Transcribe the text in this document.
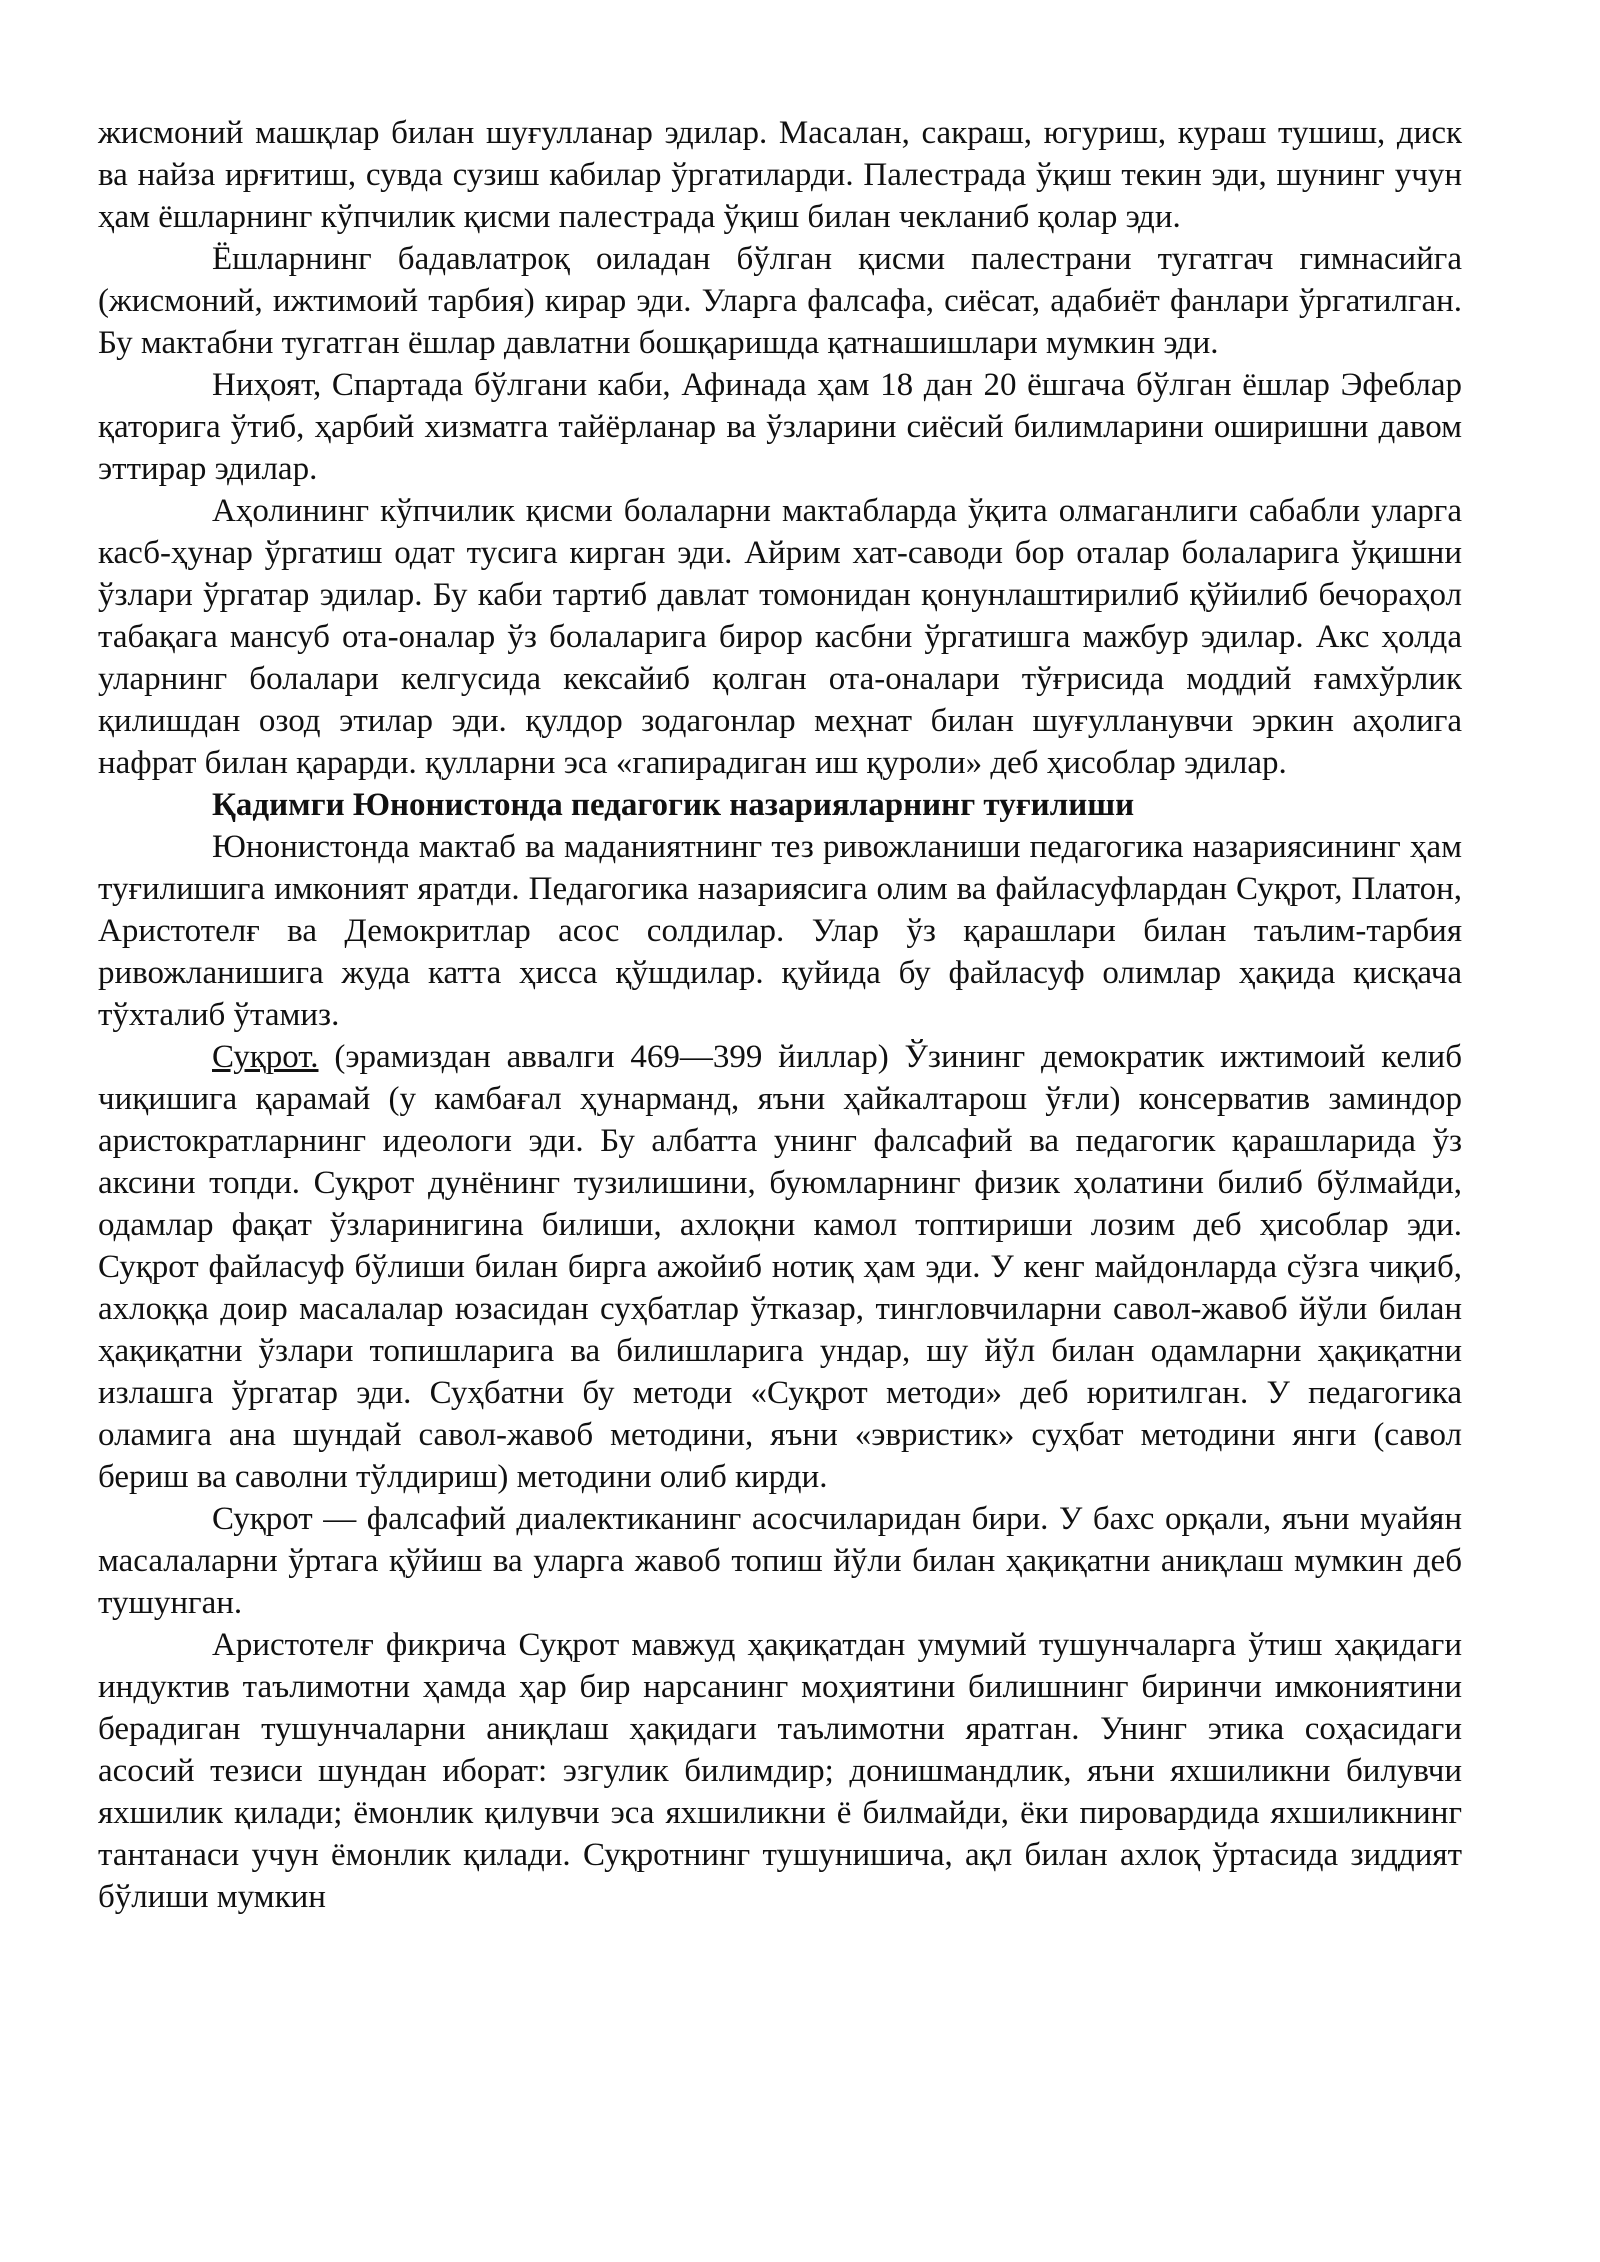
жисмоний машқлар билан шуғулланар эдилар. Масалан, сакраш, югуриш, кураш тушиш, диск ва найза ирғитиш, сувда сузиш кабилар ўргатиларди. Палестрада ўқиш текин эди, шунинг учун ҳам ёшларнинг кўпчилик қисми палестрада ўқиш билан чекланиб қолар эди.

Ёшларнинг бадавлатроқ оиладан бўлган қисми палестрани тугатгач гимнасийга (жисмоний, ижтимоий тарбия) кирар эди. Уларга фалсафа, сиёсат, адабиёт фанлари ўргатилган. Бу мактабни тугатган ёшлар давлатни бошқаришда қатнашишлари мумкин эди.

Ниҳоят, Спартада бўлгани каби, Афинада ҳам 18 дан 20 ёшгача бўлган ёшлар Эфеблар қаторига ўтиб, ҳарбий хизматга тайёрланар ва ўзларини сиёсий билимларини оширишни давом эттирар эдилар.

Аҳолининг кўпчилик қисми болаларни мактабларда ўқита олмаганлиги сабабли уларга касб-ҳунар ўргатиш одат тусига кирган эди. Айрим хат-саводи бор оталар болаларига ўқишни ўзлари ўргатар эдилар. Бу каби тартиб давлат томонидан қонунлаштирилиб қўйилиб бечораҳол табақага мансуб ота-оналар ўз болаларига бирор касбни ўргатишга мажбур эдилар. Акс ҳолда уларнинг болалари келгусида кексайиб қолган ота-оналари тўғрисида моддий ғамхўрлик қилишдан озод этилар эди. қулдор зодагонлар меҳнат билан шуғулланувчи эркин аҳолига нафрат билан қарарди. қулларни эса «гапирадиган иш қуроли» деб ҳисоблар эдилар.

Қадимги Юнонистонда педагогик назарияларнинг туғилиши

Юнонистонда мактаб ва маданиятнинг тез ривожланиши педагогика назариясининг ҳам туғилишига имконият яратди. Педагогика назариясига олим ва файласуфлардан Суқрот, Платон, Аристотелғ ва Демокритлар асос солдилар. Улар ўз қарашлари билан таълим-тарбия ривожланишига жуда катта ҳисса қўшдилар. қуйида бу файласуф олимлар ҳақида қисқача тўхталиб ўтамиз.

Суқрот. (эрамиздан аввалги 469—399 йиллар) Ўзининг демократик ижтимоий келиб чиқишига қарамай (у камбағал ҳунарманд, яъни ҳайкалтарош ўғли) консерватив заминдор аристократларнинг идеологи эди. Бу албатта унинг фалсафий ва педагогик қарашларида ўз аксини топди. Суқрот дунёнинг тузилишини, буюмларнинг физик ҳолатини билиб бўлмайди, одамлар фақат ўзларинигина билиши, ахлоқни камол топтириши лозим деб ҳисоблар эди. Суқрот файласуф бўлиши билан бирга ажойиб нотиқ ҳам эди. У кенг майдонларда сўзга чиқиб, ахлоққа доир масалалар юзасидан суҳбатлар ўтказар, тингловчиларни савол-жавоб йўли билан ҳақиқатни ўзлари топишларига ва билишларига ундар, шу йўл билан одамларни ҳақиқатни излашга ўргатар эди. Суҳбатни бу методи «Суқрот методи» деб юритилган. У педагогика оламига ана шундай савол-жавоб методини, яъни «эвристик» суҳбат методини янги (савол бериш ва саволни тўлдириш) методини олиб кирди.

Суқрот — фалсафий диалектиканинг асосчиларидан бири. У бахс орқали, яъни муайян масалаларни ўртага қўйиш ва уларга жавоб топиш йўли билан ҳақиқатни аниқлаш мумкин деб тушунган.

Аристотелғ фикрича Суқрот мавжуд ҳақиқатдан умумий тушунчаларга ўтиш ҳақидаги индуктив таълимотни ҳамда ҳар бир нарсанинг моҳиятини билишнинг биринчи имкониятини берадиган тушунчаларни аниқлаш ҳақидаги таълимотни яратган. Унинг этика соҳасидаги асосий тезиси шундан иборат: эзгулик билимдир; донишмандлик, яъни яхшиликни билувчи яхшилик қилади; ёмонлик қилувчи эса яхшиликни ё билмайди, ёки пировардида яхшиликнинг тантанаси учун ёмонлик қилади. Суқротнинг тушунишича, ақл билан ахлоқ ўртасида зиддият бўлиши мумкин
